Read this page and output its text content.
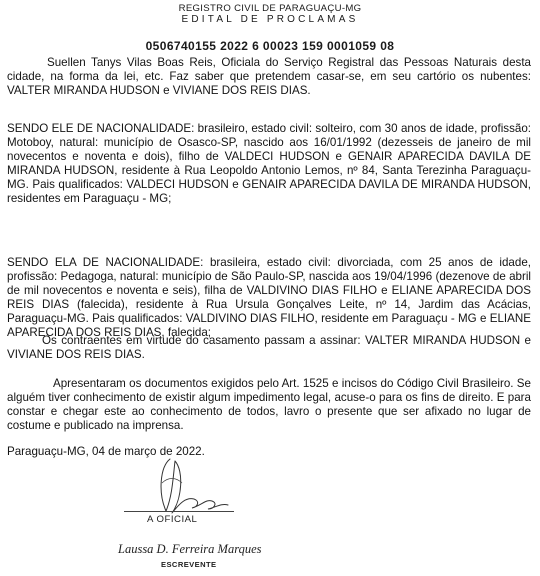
REGISTRO CIVIL DE PARAGUAÇU-MG
EDITAL DE PROCLAMAS
0506740155 2022 6 00023 159 0001059 08

Suellen Tanys Vilas Boas Reis, Oficiala do Serviço Registral das Pessoas Naturais desta cidade, na forma da lei, etc. Faz saber que pretendem casar-se, em seu cartório os nubentes: VALTER MIRANDA HUDSON e VIVIANE DOS REIS DIAS.

SENDO ELE DE NACIONALIDADE: brasileiro, estado civil: solteiro, com 30 anos de idade, profissão: Motoboy, natural: município de Osasco-SP, nascido aos 16/01/1992 (dezesseis de janeiro de mil novecentos e noventa e dois), filho de VALDECI HUDSON e GENAIR APARECIDA DAVILA DE MIRANDA HUDSON, residente à Rua Leopoldo Antonio Lemos, nº 84, Santa Terezinha Paraguaçu-MG. Pais qualificados: VALDECI HUDSON e GENAIR APARECIDA DAVILA DE MIRANDA HUDSON, residentes em Paraguaçu - MG;

SENDO ELA DE NACIONALIDADE: brasileira, estado civil: divorciada, com 25 anos de idade, profissão: Pedagoga, natural: município de São Paulo-SP, nascida aos 19/04/1996 (dezenove de abril de mil novecentos e noventa e seis), filha de VALDIVINO DIAS FILHO e ELIANE APARECIDA DOS REIS DIAS (falecida), residente à Rua Ursula Gonçalves Leite, nº 14, Jardim das Acácias, Paraguaçu-MG. Pais qualificados: VALDIVINO DIAS FILHO, residente em Paraguaçu - MG e ELIANE APARECIDA DOS REIS DIAS, falecida;

Os contraentes em virtude do casamento passam a assinar: VALTER MIRANDA HUDSON e VIVIANE DOS REIS DIAS.

Apresentaram os documentos exigidos pelo Art. 1525 e incisos do Código Civil Brasileiro. Se alguém tiver conhecimento de existir algum impedimento legal, acuse-o para os fins de direito. E para constar e chegar este ao conhecimento de todos, lavro o presente que ser afixado no lugar de costume e publicado na imprensa.

Paraguaçu-MG, 04 de março de 2022.

A OFICIAL
Laussa D. Ferreira Marques
ESCREVENTE
